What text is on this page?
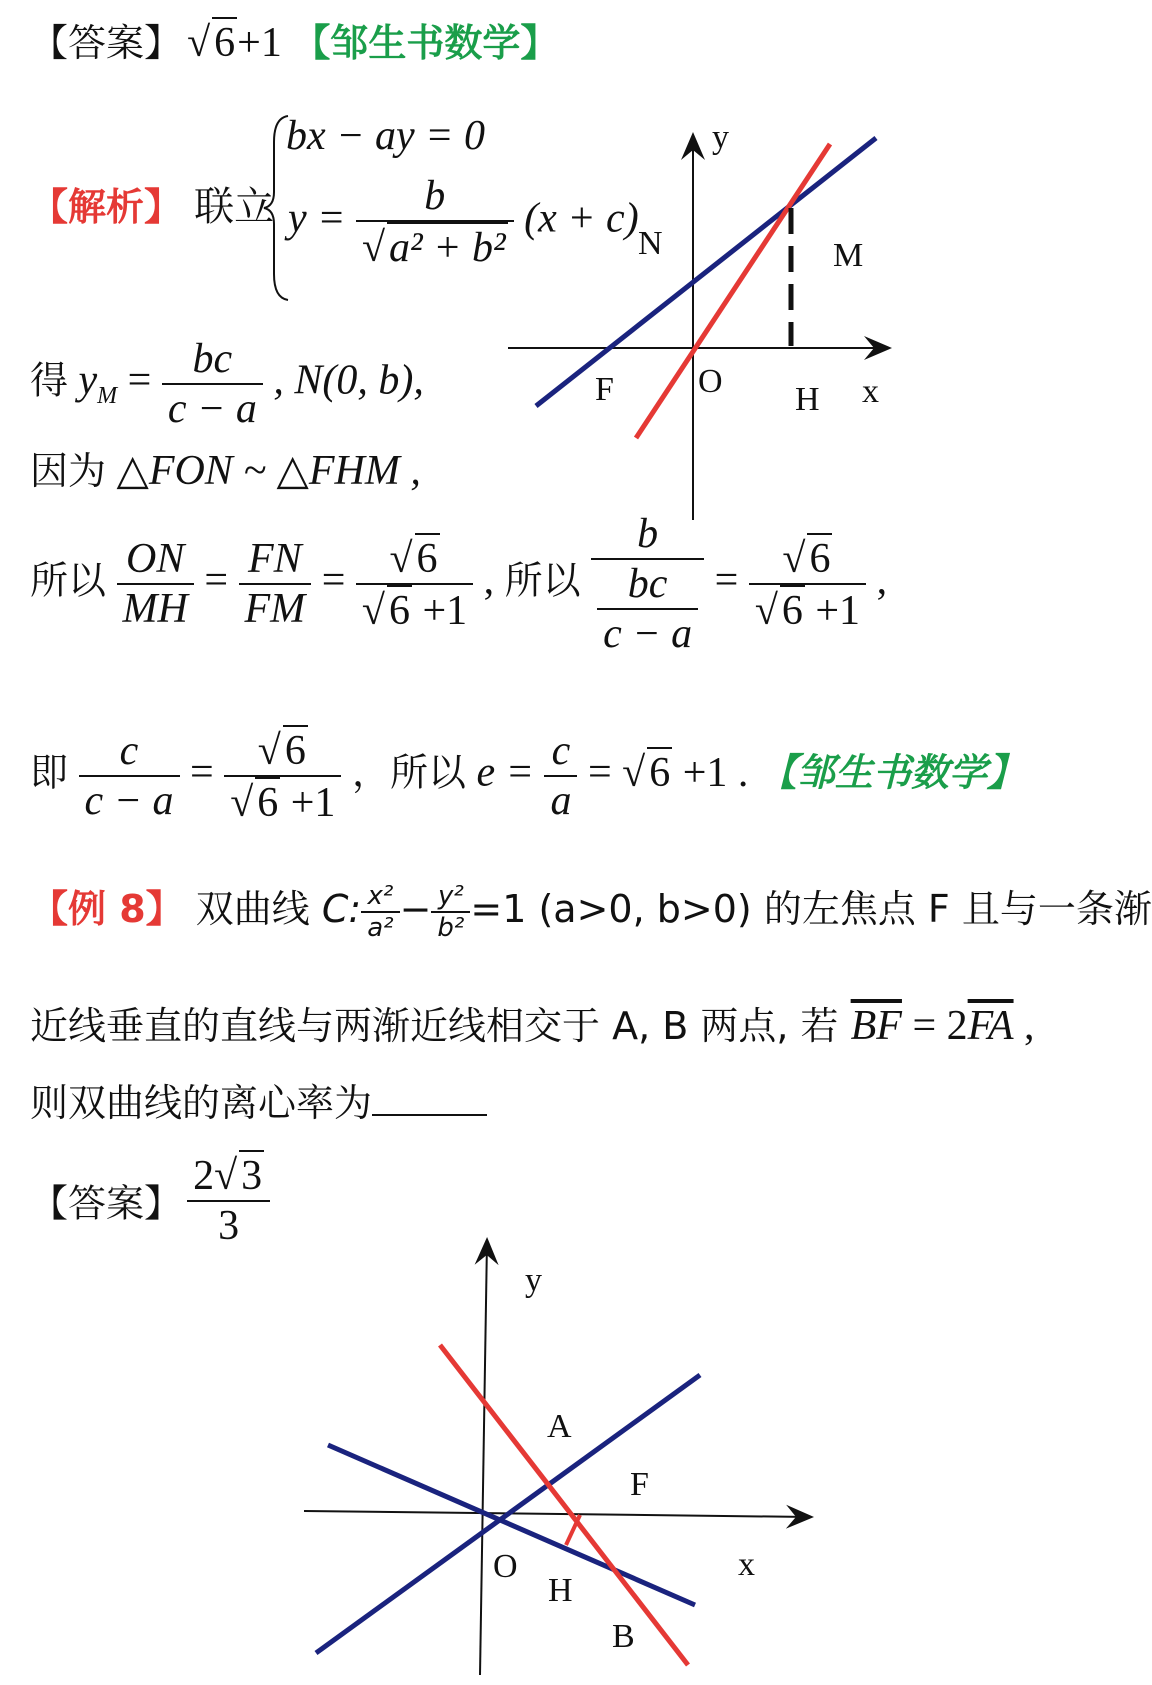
【答案】 √6+1 【邹生书数学】
【解析】 联立
bx − ay = 0
$y = \frac{b}{\text{√a² + b²}} (x + c)$
y
N	M
F O H x
得 $y_M = \frac{bc}{c - a}$ , N(0, b),
因为 △FON ~ △FHM ,
所以 $\frac{ON}{MH} = \frac{FN}{FM} = \frac{√6}{√6 +1}$ , 所以 b
bc
$c - a = \frac{√6}{√6 +1}$ ,
即 $\frac{c}{c - a} = \frac{√6}{√6 +1}$ ，所以 $e = \frac{c}{a} = √6 +1$ . 【邹生书数学】
【例 8】 双曲线 C: $\frac{\text{x²}}{\text{a²}} - \frac{\text{y²}}{\text{b²}} =1$ (a>0, b>0) 的左焦点 F 且与一条渐
近线垂直的直线与两渐近线相交于 A, B 两点, 若 $\overline{BF} = 2\overline{FA}$ ,
则双曲线的离心率为
【答案】 $\frac{2√3}{3}$
y
A
F
O
H
B
x
